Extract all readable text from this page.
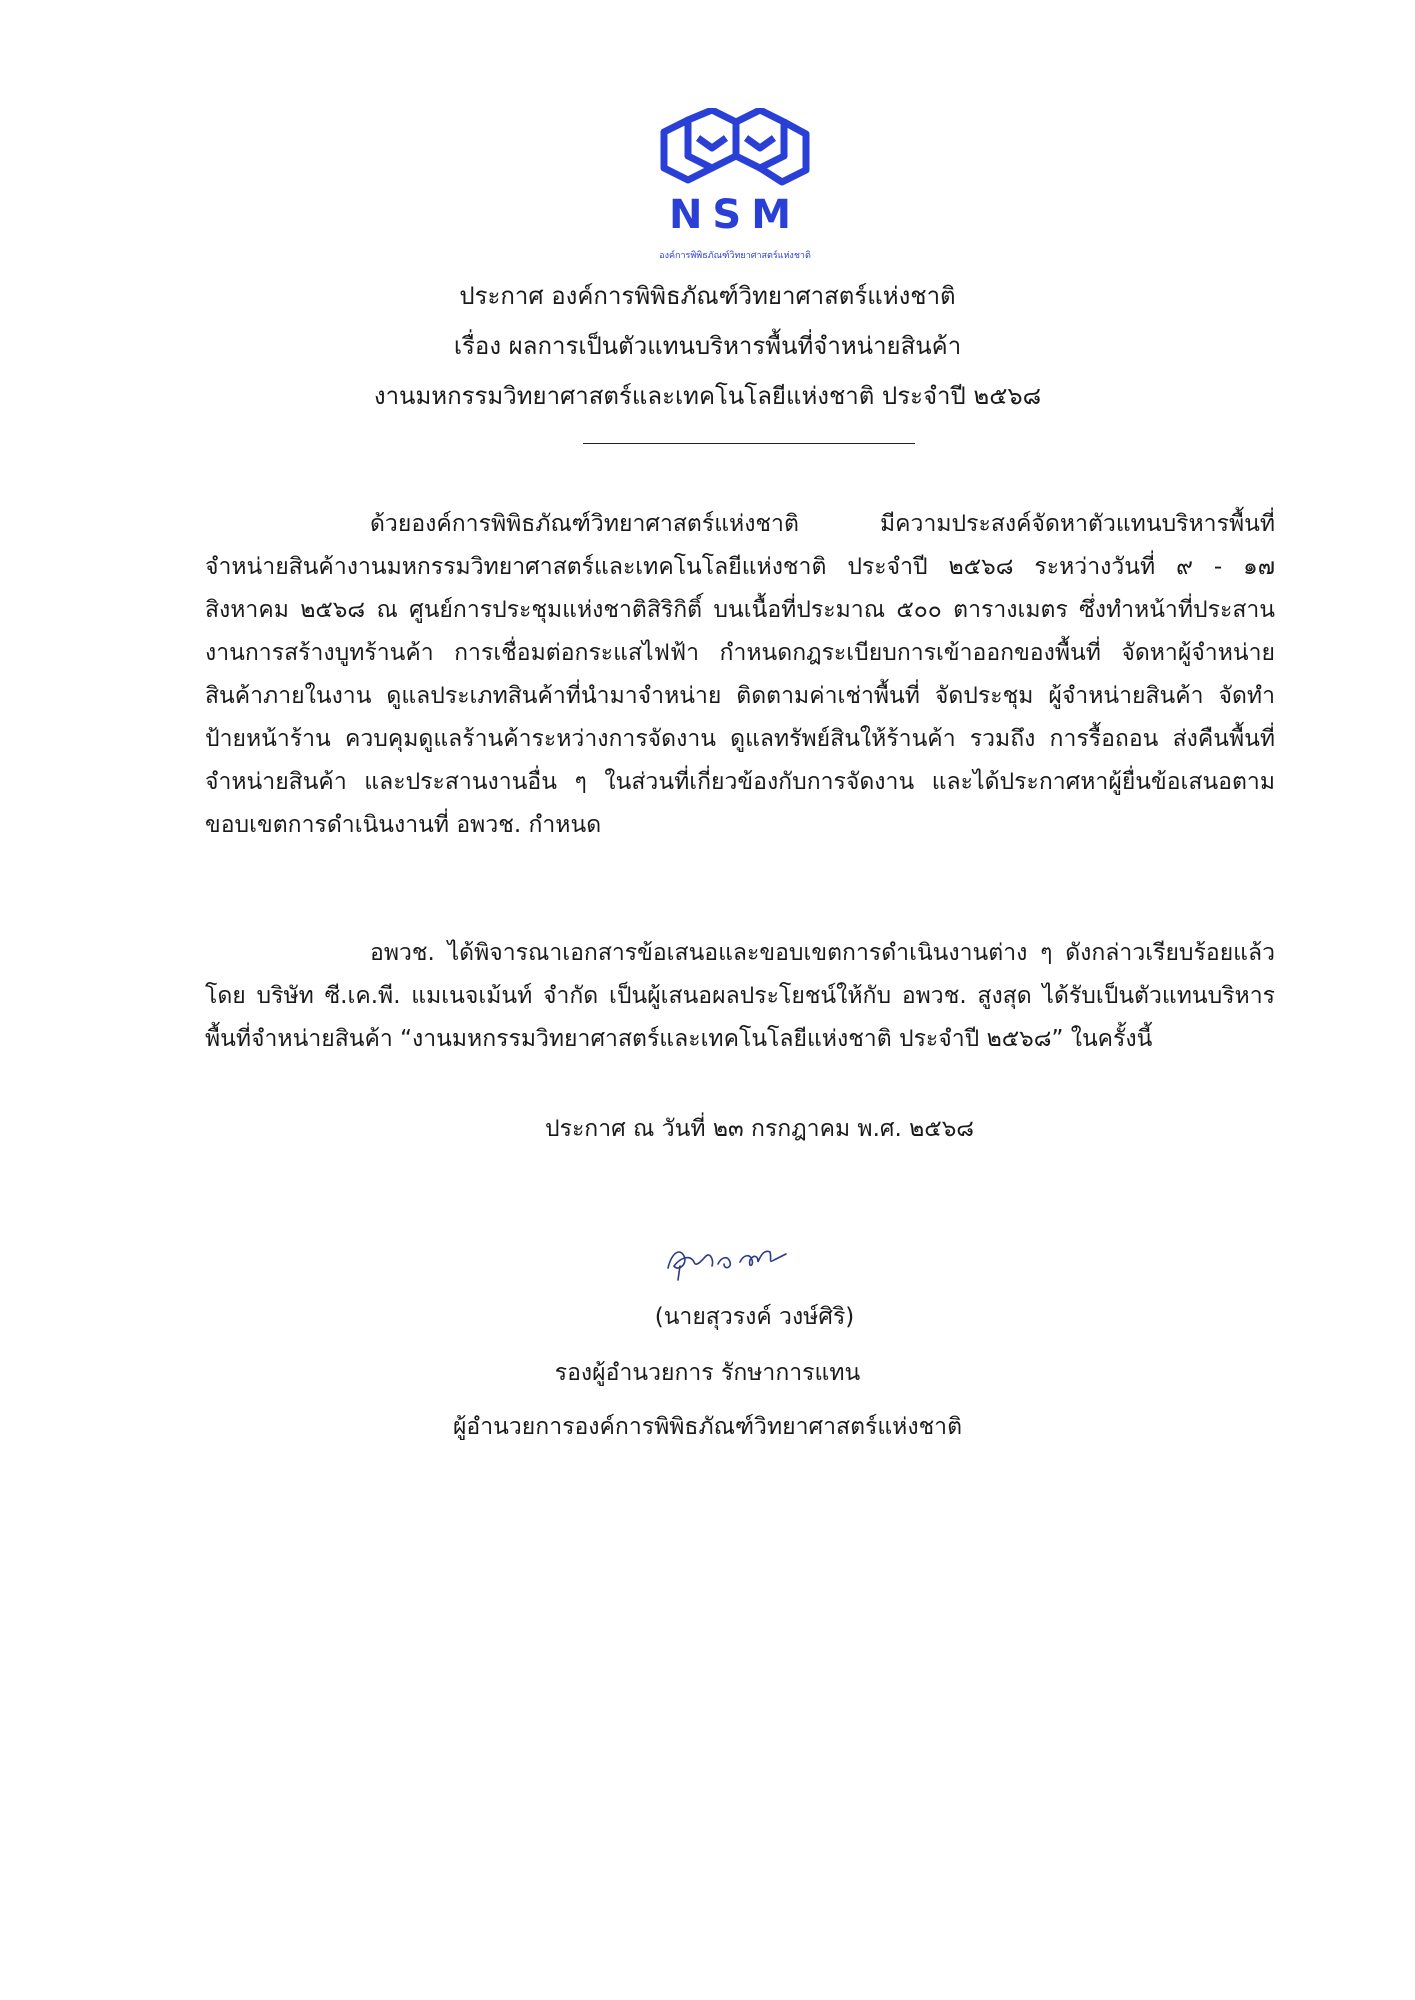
NSM
องค์การพิพิธภัณฑ์วิทยาศาสตร์แห่งชาติ
ประกาศ องค์การพิพิธภัณฑ์วิทยาศาสตร์แห่งชาติ
เรื่อง ผลการเป็นตัวแทนบริหารพื้นที่จำหน่ายสินค้า
งานมหกรรมวิทยาศาสตร์และเทคโนโลยีแห่งชาติ ประจำปี ๒๕๖๘

ด้วยองค์การพิพิธภัณฑ์วิทยาศาสตร์แห่งชาติ มีความประสงค์จัดหาตัวแทนบริหารพื้นที่จำหน่ายสินค้างานมหกรรมวิทยาศาสตร์และเทคโนโลยีแห่งชาติ ประจำปี ๒๕๖๘ ระหว่างวันที่ ๙ - ๑๗ สิงหาคม ๒๕๖๘ ณ ศูนย์การประชุมแห่งชาติสิริกิติ์ บนเนื้อที่ประมาณ ๕๐๐ ตารางเมตร ซึ่งทำหน้าที่ประสานงานการสร้างบูทร้านค้า การเชื่อมต่อกระแสไฟฟ้า กำหนดกฎระเบียบการเข้าออกของพื้นที่ จัดหาผู้จำหน่ายสินค้าภายในงาน ดูแลประเภทสินค้าที่นำมาจำหน่าย ติดตามค่าเช่าพื้นที่ จัดประชุม ผู้จำหน่ายสินค้า จัดทำป้ายหน้าร้าน ควบคุมดูแลร้านค้าระหว่างการจัดงาน ดูแลทรัพย์สินให้ร้านค้า รวมถึง การรื้อถอน ส่งคืนพื้นที่จำหน่ายสินค้า และประสานงานอื่น ๆ ในส่วนที่เกี่ยวข้องกับการจัดงาน และได้ประกาศหาผู้ยื่นข้อเสนอตามขอบเขตการดำเนินงานที่ อพวช. กำหนด

อพวช. ได้พิจารณาเอกสารข้อเสนอและขอบเขตการดำเนินงานต่าง ๆ ดังกล่าวเรียบร้อยแล้ว โดย บริษัท ซี.เค.พี. แมเนจเม้นท์ จำกัด เป็นผู้เสนอผลประโยชน์ให้กับ อพวช. สูงสุด ได้รับเป็นตัวแทนบริหารพื้นที่จำหน่ายสินค้า “งานมหกรรมวิทยาศาสตร์และเทคโนโลยีแห่งชาติ ประจำปี ๒๕๖๘” ในครั้งนี้

ประกาศ ณ วันที่ ๒๓ กรกฎาคม พ.ศ. ๒๕๖๘
(นายสุวรงค์ วงษ์ศิริ)
รองผู้อำนวยการ รักษาการแทน
ผู้อำนวยการองค์การพิพิธภัณฑ์วิทยาศาสตร์แห่งชาติ
